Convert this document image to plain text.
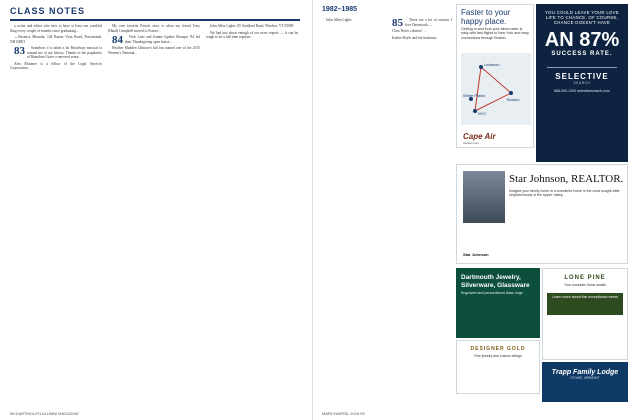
CLASS NOTES

a writer and editor who tries to have at least one youthful fling every couple of months since graduating...

—Veronica Miranda, 104 Buena Vista Road, Portsmouth, NH 03801

83 Somehow it is taken a lot Broadway musical to remind me of my history. Thanks to the popularity of Hamilton I have a renewed sense...

Alex Bloomer is a fellow of the Legal Services Corporation...

My own favorite French story is when my friend Tony (Hand) Campbell moved to France...

84 Nick Lane and Jeanne Ispahie Beaupre '84 led their Thanksgiving open house...

Heather Madden Gilmore's kid has named one of the 2015 Women's National...

John Allen Lights, 85 Stoddard Road, Windsor, VT 05089

We had just about enough of our news reports — it can be tough to be a full-time reporter...

58 DARTMOUTH ALUMNI MAGAZINE
1982–1985

John Allen Lights	85 There are a lot of reasons I love Dartmouth, ...

Class Notes column? ...

Kathie Boyle and her husband...

Faster to your happy place.
Getting to and from your alma mater is easy with fast flights to New York and easy connections through Boston.
Lebanon
White Plains
NYC
Boston
Cape Air
capeair.com
YOU COULD LEAVE YOUR LOVE LIFE TO CHANCE. OF COURSE, CHANCE DOESN'T HAVE
AN 87%
SUCCESS RATE.
SELECTIVE
SEARCH
866.592.1200 selectivesearch.com
Star Johnson, REALTOR.
Imagine your family home or a wonderful home in the most sought-after neighborhoods of the Upper Valley...
Star Johnson
Dartmouth Jewelry, Silverware, Glassware
Engraved and personalized class rings
LONE PINE
Your mountain home awaits
Learn more about this exceptional retreat
DESIGNER GOLD
Fine jewelry and custom design
Trapp Family Lodge
STOWE, VERMONT
MARCH/APRIL 2016 59
